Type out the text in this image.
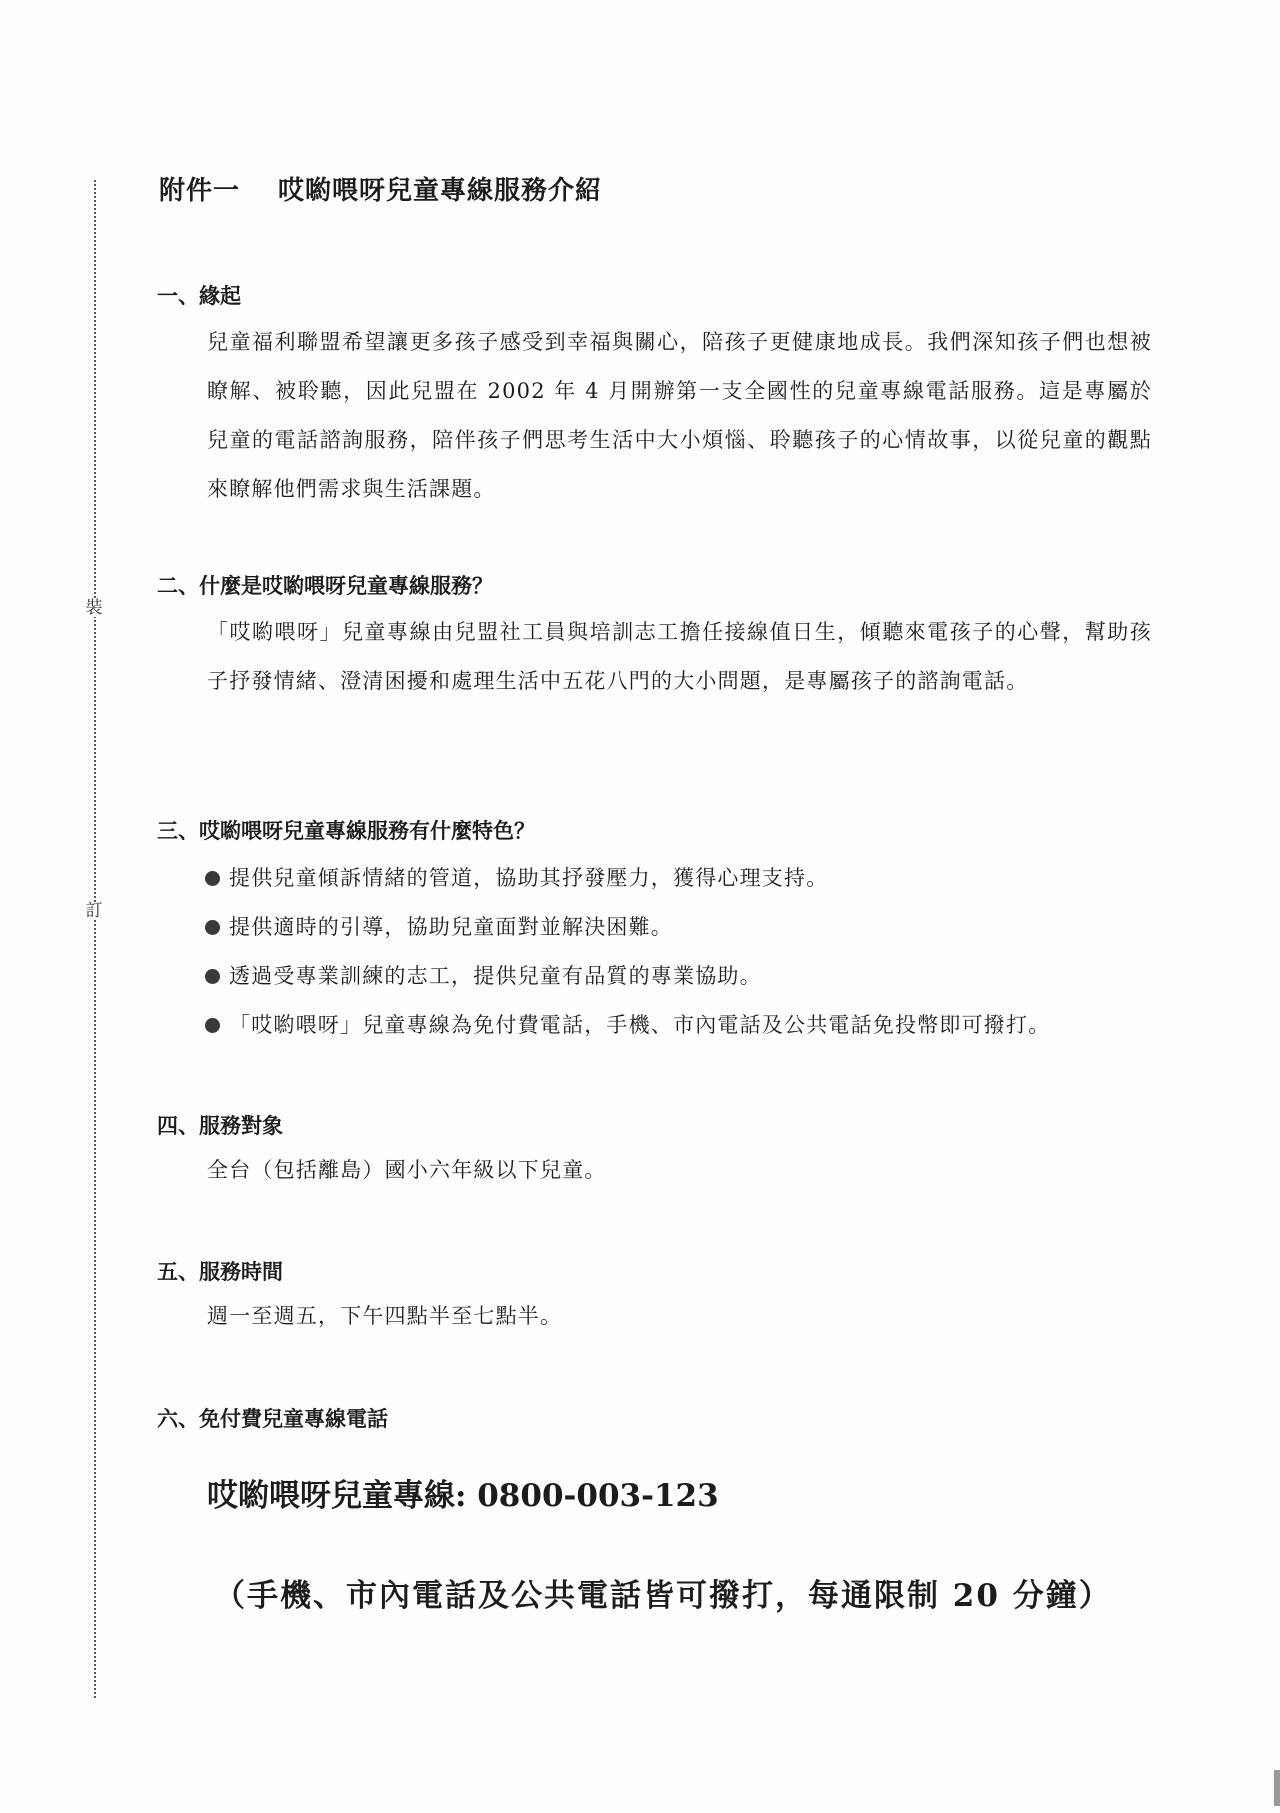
裝
訂
附件一 哎喲喂呀兒童專線服務介紹
一、緣起

兒童福利聯盟希望讓更多孩子感受到幸福與關心，陪孩子更健康地成長。我們深知孩子們也想被瞭解、被聆聽，因此兒盟在 2002 年 4 月開辦第一支全國性的兒童專線電話服務。這是專屬於兒童的電話諮詢服務，陪伴孩子們思考生活中大小煩惱、聆聽孩子的心情故事，以從兒童的觀點來瞭解他們需求與生活課題。

二、什麼是哎喲喂呀兒童專線服務？

「哎喲喂呀」兒童專線由兒盟社工員與培訓志工擔任接線值日生，傾聽來電孩子的心聲，幫助孩子抒發情緒、澄清困擾和處理生活中五花八門的大小問題，是專屬孩子的諮詢電話。

三、哎喲喂呀兒童專線服務有什麼特色？
提供兒童傾訴情緒的管道，協助其抒發壓力，獲得心理支持。
提供適時的引導，協助兒童面對並解決困難。
透過受專業訓練的志工，提供兒童有品質的專業協助。
「哎喲喂呀」兒童專線為免付費電話，手機、市內電話及公共電話免投幣即可撥打。
四、服務對象

全台（包括離島）國小六年級以下兒童。

五、服務時間

週一至週五，下午四點半至七點半。

六、免付費兒童專線電話
哎喲喂呀兒童專線: 0800-003-123
（手機、市內電話及公共電話皆可撥打，每通限制 20 分鐘）
